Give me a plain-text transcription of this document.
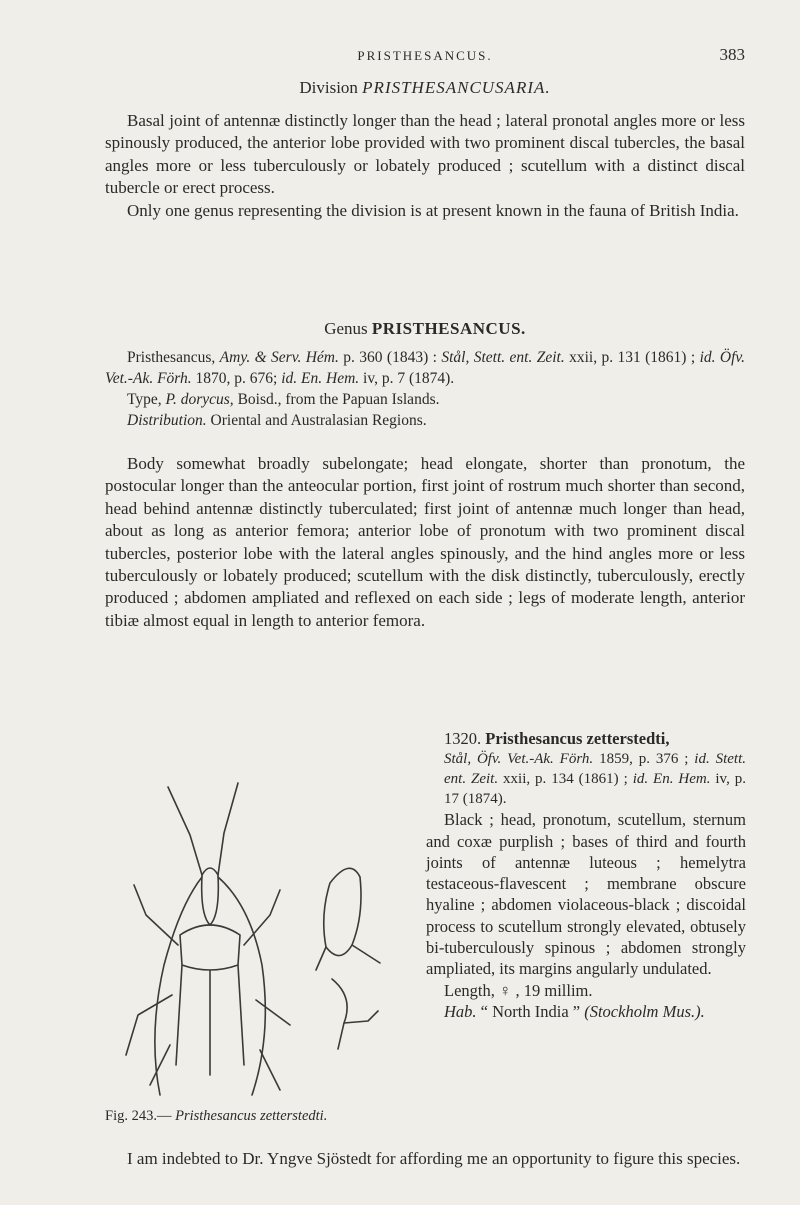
PRISTHESANCUS.	383
Division PRISTHESANCUSARIA.

Basal joint of antennæ distinctly longer than the head ; lateral pronotal angles more or less spinously produced, the anterior lobe provided with two prominent discal tubercles, the basal angles more or less tuberculously or lobately produced ; scutellum with a distinct discal tubercle or erect process.

Only one genus representing the division is at present known in the fauna of British India.

Genus PRISTHESANCUS.

Pristhesancus, Amy. & Serv. Hém. p. 360 (1843) : Stål, Stett. ent. Zeit. xxii, p. 131 (1861) ; id. Öfv. Vet.-Ak. Förh. 1870, p. 676; id. En. Hem. iv, p. 7 (1874).

Type, P. dorycus, Boisd., from the Papuan Islands.

Distribution. Oriental and Australasian Regions.

Body somewhat broadly subelongate; head elongate, shorter than pronotum, the postocular longer than the anteocular portion, first joint of rostrum much shorter than second, head behind antennæ distinctly tuberculated; first joint of antennæ much longer than head, about as long as anterior femora; anterior lobe of pronotum with two prominent discal tubercles, posterior lobe with the lateral angles spinously, and the hind angles more or less tuberculously or lobately produced; scutellum with the disk distinctly, tuberculously, erectly produced ; abdomen ampliated and reflexed on each side ; legs of moderate length, anterior tibiæ almost equal in length to anterior femora.

Fig. 243.— Pristhesancus zetterstedti.

1320. Pristhesancus zetterstedti,

Stål, Öfv. Vet.-Ak. Förh. 1859, p. 376 ; id. Stett. ent. Zeit. xxii, p. 134 (1861) ; id. En. Hem. iv, p. 17 (1874).

Black ; head, pronotum, scutellum, sternum and coxæ purplish ; bases of third and fourth joints of antennæ luteous ; hemelytra testaceous-flavescent ; membrane obscure hyaline ; abdomen violaceous-black ; discoidal process to scutellum strongly elevated, obtusely bi-tuberculously spinous ; abdomen strongly ampliated, its margins angularly undulated.

Length, ♀ , 19 millim.

Hab. “ North India ” (Stockholm Mus.).

I am indebted to Dr. Yngve Sjöstedt for affording me an opportunity to figure this species.
